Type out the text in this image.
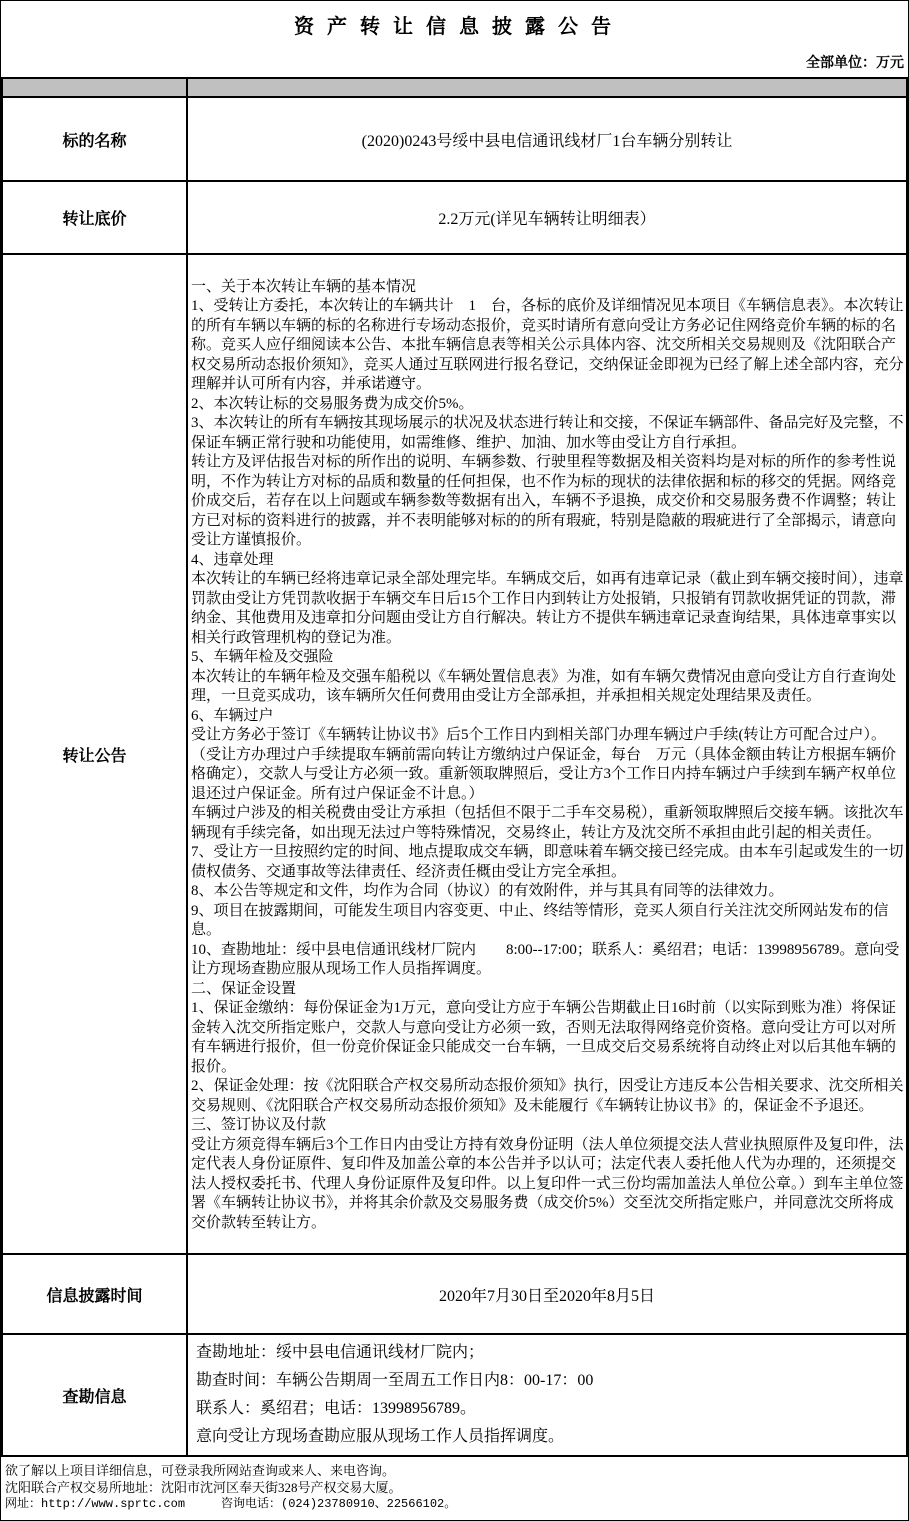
资 产 转 让 信 息 披 露 公 告
全部单位：万元

标的名称	(2020)0243号绥中县电信通讯线材厂1台车辆分别转让
转让底价	2.2万元(详见车辆转让明细表）
转让公告	

一、关于本次转让车辆的基本情况

1、受转让方委托，本次转让的车辆共计　1　台，各标的底价及详细情况见本项目《车辆信息表》。本次转让的所有车辆以车辆的标的名称进行专场动态报价，竞买时请所有意向受让方务必记住网络竞价车辆的标的名称。竞买人应仔细阅读本公告、本批车辆信息表等相关公示具体内容、沈交所相关交易规则及《沈阳联合产权交易所动态报价须知》，竞买人通过互联网进行报名登记，交纳保证金即视为已经了解上述全部内容，充分理解并认可所有内容，并承诺遵守。

2、本次转让标的交易服务费为成交价5%。

3、本次转让的所有车辆按其现场展示的状况及状态进行转让和交接，不保证车辆部件、备品完好及完整，不保证车辆正常行驶和功能使用，如需维修、维护、加油、加水等由受让方自行承担。

转让方及评估报告对标的所作出的说明、车辆参数、行驶里程等数据及相关资料均是对标的所作的参考性说明，不作为转让方对标的品质和数量的任何担保，也不作为标的现状的法律依据和标的移交的凭据。网络竞价成交后，若存在以上问题或车辆参数等数据有出入，车辆不予退换，成交价和交易服务费不作调整；转让方已对标的资料进行的披露，并不表明能够对标的的所有瑕疵，特别是隐蔽的瑕疵进行了全部揭示，请意向受让方谨慎报价。

4、违章处理

本次转让的车辆已经将违章记录全部处理完毕。车辆成交后，如再有违章记录（截止到车辆交接时间），违章罚款由受让方凭罚款收据于车辆交车日后15个工作日内到转让方处报销，只报销有罚款收据凭证的罚款，滞纳金、其他费用及违章扣分问题由受让方自行解决。转让方不提供车辆违章记录查询结果，具体违章事实以相关行政管理机构的登记为准。

5、车辆年检及交强险

本次转让的车辆年检及交强车船税以《车辆处置信息表》为准，如有车辆欠费情况由意向受让方自行查询处理，一旦竞买成功，该车辆所欠任何费用由受让方全部承担，并承担相关规定处理结果及责任。

6、车辆过户

受让方务必于签订《车辆转让协议书》后5个工作日内到相关部门办理车辆过户手续(转让方可配合过户）。（受让方办理过户手续提取车辆前需向转让方缴纳过户保证金，每台　万元（具体金额由转让方根据车辆价格确定），交款人与受让方必须一致。重新领取牌照后，受让方3个工作日内持车辆过户手续到车辆产权单位退还过户保证金。所有过户保证金不计息。）

车辆过户涉及的相关税费由受让方承担（包括但不限于二手车交易税），重新领取牌照后交接车辆。该批次车辆现有手续完备，如出现无法过户等特殊情况，交易终止，转让方及沈交所不承担由此引起的相关责任。

7、受让方一旦按照约定的时间、地点提取成交车辆，即意味着车辆交接已经完成。由本车引起或发生的一切债权债务、交通事故等法律责任、经济责任概由受让方完全承担。

8、本公告等规定和文件，均作为合同（协议）的有效附件，并与其具有同等的法律效力。

9、项目在披露期间，可能发生项目内容变更、中止、终结等情形，竞买人须自行关注沈交所网站发布的信息。

10、查勘地址：绥中县电信通讯线材厂院内　　8:00--17:00；联系人：奚绍君；电话：13998956789。意向受让方现场查勘应服从现场工作人员指挥调度。

二、保证金设置

1、保证金缴纳：每份保证金为1万元，意向受让方应于车辆公告期截止日16时前（以实际到账为准）将保证金转入沈交所指定账户，交款人与意向受让方必须一致，否则无法取得网络竞价资格。意向受让方可以对所有车辆进行报价，但一份竞价保证金只能成交一台车辆，一旦成交后交易系统将自动终止对以后其他车辆的报价。

2、保证金处理：按《沈阳联合产权交易所动态报价须知》执行，因受让方违反本公告相关要求、沈交所相关交易规则、《沈阳联合产权交易所动态报价须知》及未能履行《车辆转让协议书》的，保证金不予退还。

三、签订协议及付款

受让方须竞得车辆后3个工作日内由受让方持有效身份证明（法人单位须提交法人营业执照原件及复印件，法定代表人身份证原件、复印件及加盖公章的本公告并予以认可；法定代表人委托他人代为办理的，还须提交法人授权委托书、代理人身份证原件及复印件。以上复印件一式三份均需加盖法人单位公章。）到车主单位签署《车辆转让协议书》，并将其余价款及交易服务费（成交价5%）交至沈交所指定账户，并同意沈交所将成交价款转至转让方。

信息披露时间	2020年7月30日至2020年8月5日
查勘信息	查勘地址：绥中县电信通讯线材厂院内；

勘查时间：车辆公告期周一至周五工作日内8：00-17：00

联系人：奚绍君；电话：13998956789。

意向受让方现场查勘应服从现场工作人员指挥调度。

欲了解以上项目详细信息，可登录我所网站查询或来人、来电咨询。
沈阳联合产权交易所地址：沈阳市沈河区奉天街328号产权交易大厦。
网址：http://www.sprtc.com　　　咨询电话：(024)23780910、22566102。
